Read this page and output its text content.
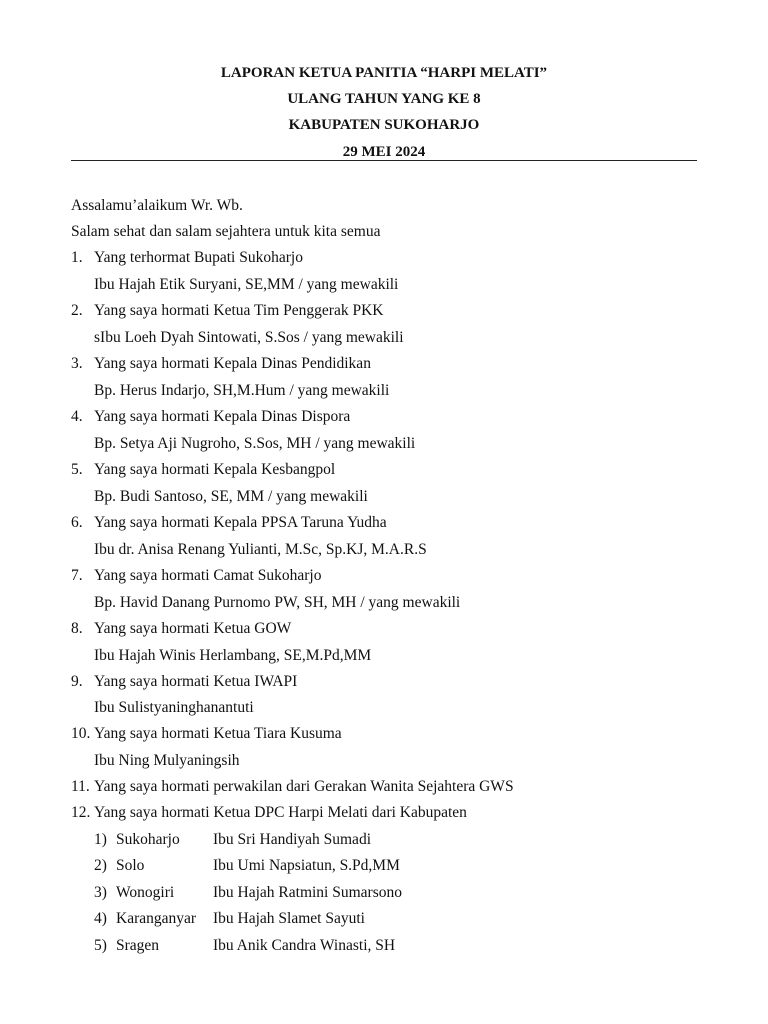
LAPORAN KETUA PANITIA “HARPI MELATI”
ULANG TAHUN YANG KE 8
KABUPATEN SUKOHARJO
29 MEI 2024
Assalamu’alaikum Wr. Wb.
Salam sehat dan salam sejahtera untuk kita semua
1. Yang terhormat Bupati Sukoharjo
Ibu Hajah Etik Suryani, SE,MM / yang mewakili
2. Yang saya hormati Ketua Tim Penggerak PKK
sIbu Loeh Dyah Sintowati, S.Sos / yang mewakili
3. Yang saya hormati Kepala Dinas Pendidikan
Bp. Herus Indarjo, SH,M.Hum / yang mewakili
4. Yang saya hormati Kepala Dinas Dispora
Bp. Setya Aji Nugroho, S.Sos, MH / yang mewakili
5. Yang saya hormati Kepala Kesbangpol
Bp. Budi Santoso, SE, MM / yang mewakili
6. Yang saya hormati Kepala PPSA Taruna Yudha
Ibu dr. Anisa Renang Yulianti, M.Sc, Sp.KJ, M.A.R.S
7. Yang saya hormati Camat Sukoharjo
Bp. Havid Danang Purnomo PW, SH, MH / yang mewakili
8. Yang saya hormati Ketua GOW
Ibu Hajah Winis Herlambang, SE,M.Pd,MM
9. Yang saya hormati Ketua IWAPI
Ibu Sulistyaninghanantuti
10. Yang saya hormati Ketua Tiara Kusuma
Ibu Ning Mulyaningsih
11. Yang saya hormati perwakilan dari Gerakan Wanita Sejahtera GWS
12. Yang saya hormati Ketua DPC Harpi Melati dari Kabupaten
1) Sukoharjo Ibu Sri Handiyah Sumadi
2) Solo	Ibu Umi Napsiatun, S.Pd,MM
3) Wonogiri	Ibu Hajah Ratmini Sumarsono
4) Karanganyar Ibu Hajah Slamet Sayuti
5) Sragen	Ibu Anik Candra Winasti, SH
